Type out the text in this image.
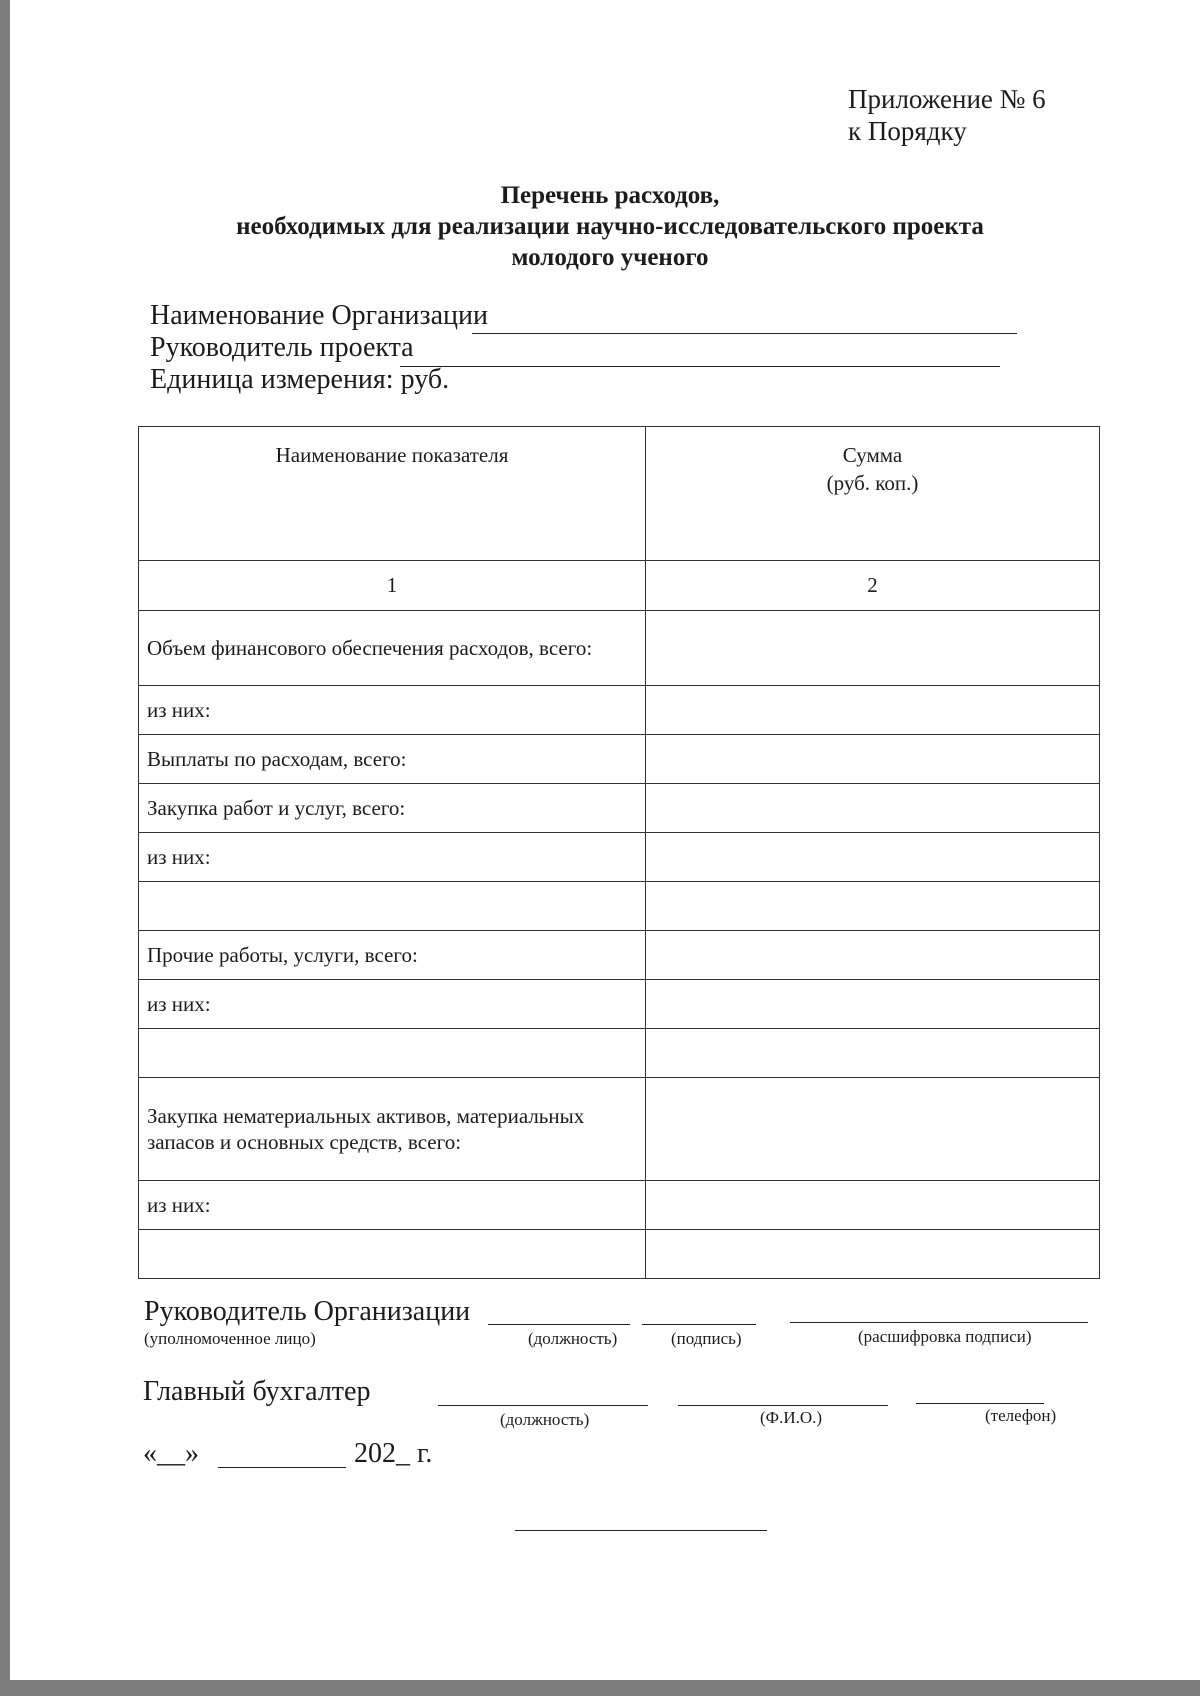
Приложение № 6
к Порядку
Перечень расходов,
необходимых для реализации научно-исследовательского проекта
молодого ученого
Наименование Организации
Руководитель проекта
Единица измерения: руб.
Наименование показателя	Сумма
(руб. коп.)

1	2
Объем финансового обеспечения расходов, всего:	
из них:	
Выплаты по расходам, всего:	
Закупка работ и услуг, всего:	
из них:	

Прочие работы, услуги, всего:	
из них:	

Закупка нематериальных активов, материальных запасов и основных средств, всего:	
из них:	

Руководитель Организации
(уполномоченное лицо)	(должность)	(подпись)	(расшифровка подписи)
Главный бухгалтер
(должность)	(Ф.И.О.)	(телефон)
«__»	202_ г.
